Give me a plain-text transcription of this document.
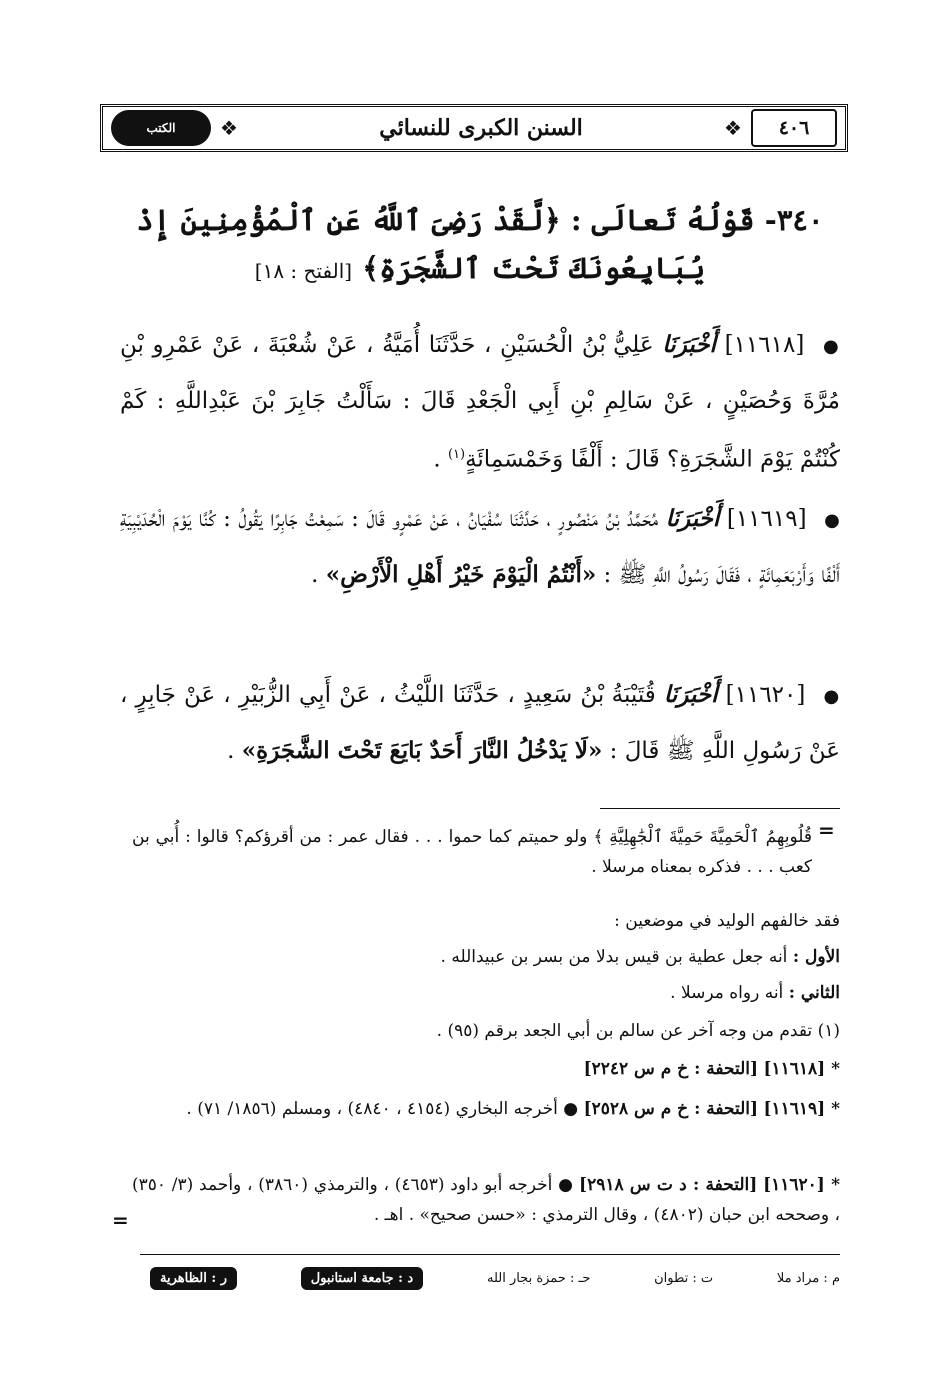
٤٠٦
❖
السنن الكبرى للنسائي
❖
الكتب
٣٤٠- قَوْلُهُ تَعالَى : ﴿لَّقَدْ رَضِىَ ٱللَّهُ عَنِ ٱلْمُؤْمِنِينَ إِذْ يُبَايِعُونَكَ تَحْتَ ٱلشَّجَرَةِ﴾ [الفتح : ١٨]
● [١١٦١٨] أَخْبَرَنَا عَلِيُّ بْنُ الْحُسَيْنِ ، حَدَّثَنَا أُمَيَّةُ ، عَنْ شُعْبَةَ ، عَنْ عَمْرِو بْنِ مُرَّةَ وَحُصَيْنٍ ، عَنْ سَالِمِ بْنِ أَبِي الْجَعْدِ قَالَ : سَأَلْتُ جَابِرَ بْنَ عَبْدِاللَّهِ : كَمْ كُنْتُمْ يَوْمَ الشَّجَرَةِ؟ قَالَ : أَلْفًا وَخَمْسَمِائَةٍ$^{(١)}$ .
● [١١٦١٩] أَخْبَرَنَا مُحَمَّدُ بْنُ مَنْصُورٍ ، حَدَّثَنَا سُفْيَانُ ، عَنْ عَمْرٍو قَالَ : سَمِعْتُ جَابِرًا يَقُولُ : كُنَّا يَوْمَ الْحُدَيْبِيَةِ أَلْفًا وَأَرْبَعَمِائَةٍ ، فَقَالَ رَسُولُ اللَّهِ ﷺ : «أَنْتُمُ الْيَوْمَ خَيْرُ أَهْلِ الْأَرْضِ» .
● [١١٦٢٠] أَخْبَرَنَا قُتَيْبَةُ بْنُ سَعِيدٍ ، حَدَّثَنَا اللَّيْثُ ، عَنْ أَبِي الزُّبَيْرِ ، عَنْ جَابِرٍ ، عَنْ رَسُولِ اللَّهِ ﷺ قَالَ : «لَا يَدْخُلُ النَّارَ أَحَدٌ بَايَعَ تَحْتَ الشَّجَرَةِ» .
=
قُلُوبِهِمُ ٱلْحَمِيَّةَ حَمِيَّةَ ٱلْجَٰهِلِيَّةِ ﴾ ولو حميتم كما حموا . . . فقال عمر : من أقرؤكم؟ قالوا : أُبي بن كعب . . . فذكره بمعناه مرسلا .
فقد خالفهم الوليد في موضعين :
الأول : أنه جعل عطية بن قيس بدلا من بسر بن عبيدالله .
الثاني : أنه رواه مرسلا .
(١) تقدم من وجه آخر عن سالم بن أبي الجعد برقم (٩٥) .
* [١١٦١٨] [التحفة : خ م س ٢٢٤٢]
* [١١٦١٩] [التحفة : خ م س ٢٥٢٨] ● أخرجه البخاري (٤١٥٤ ، ٤٨٤٠) ، ومسلم (١٨٥٦/ ٧١) .
* [١١٦٢٠] [التحفة : د ت س ٢٩١٨] ● أخرجه أبو داود (٤٦٥٣) ، والترمذي (٣٨٦٠) ، وأحمد (٣/ ٣٥٠) ، وصححه ابن حبان (٤٨٠٢) ، وقال الترمذي : «حسن صحيح» . اهـ .
=
م : مراد ملا
ت : تطوان
حـ : حمزة بجار الله
د : جامعة استانبول
ر : الظاهرية
